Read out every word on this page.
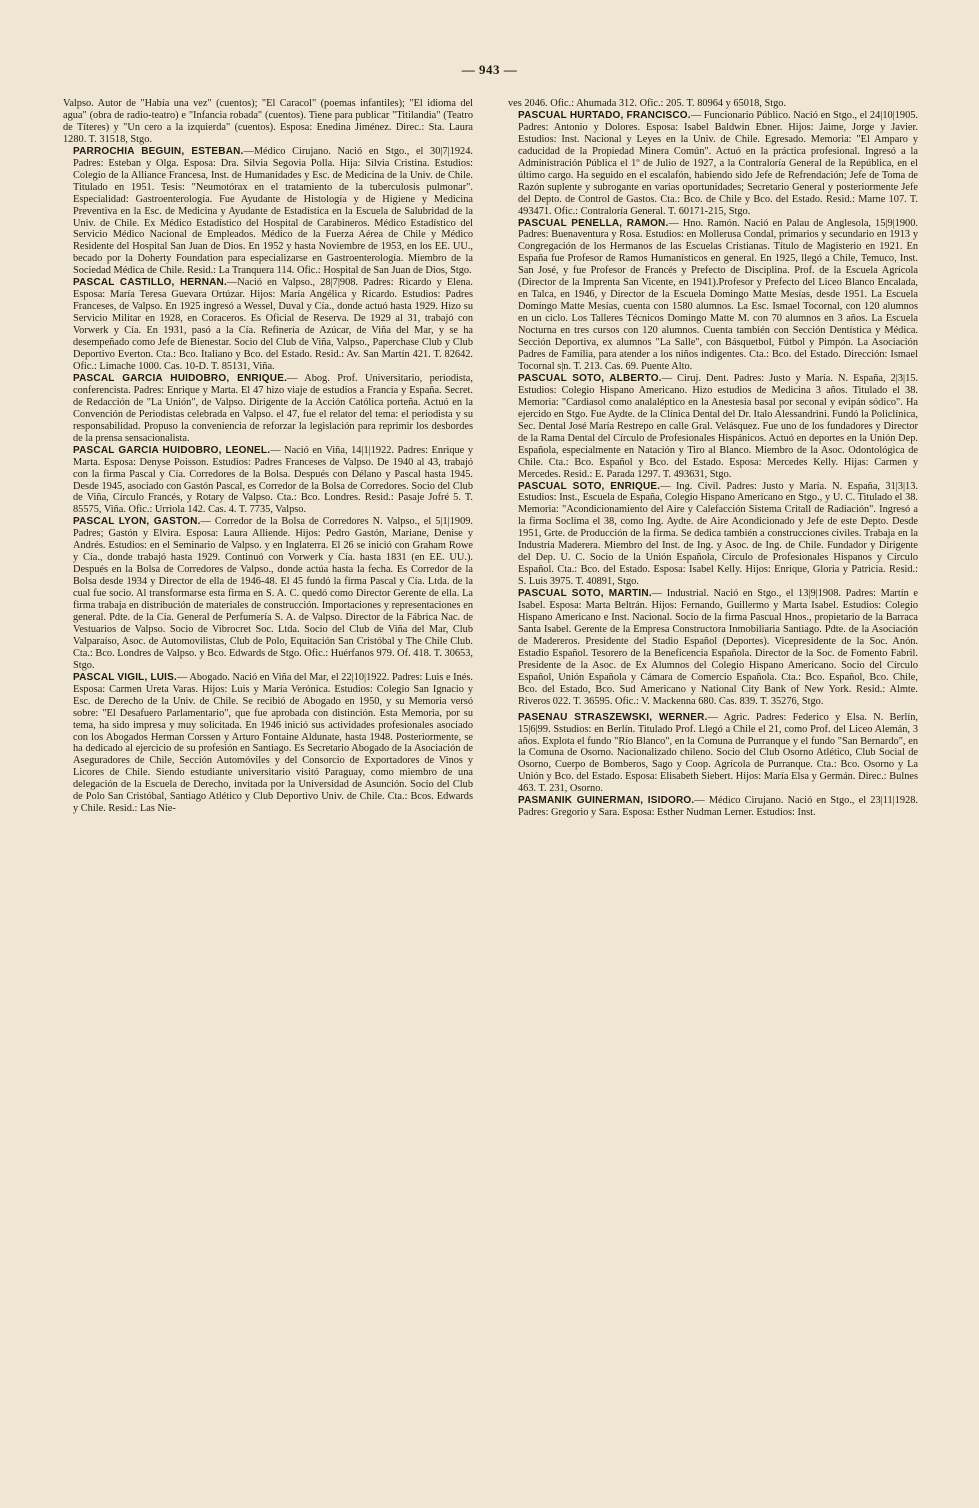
— 943 —

Valpso. Autor de "Había una vez" (cuentos); "El Caracol" (poemas infantiles); "El idioma del agua" (obra de radio-teatro) e "Infancia robada" (cuentos). Tiene para publicar "Titilandia" (Teatro de Títeres) y "Un cero a la izquierda" (cuentos). Esposa: Enedina Jiménez. Direc.: Sta. Laura 1280. T. 31518, Stgo.

PARROCHIA BEGUIN, ESTEBAN.—Médico Cirujano. Nació en Stgo., el 30|7|1924. Padres: Esteban y Olga. Esposa: Dra. Silvia Segovia Polla. Hija: Silvia Cristina. Estudios: Colegio de la Alliance Francesa, Inst. de Humanidades y Esc. de Medicina de la Univ. de Chile. Titulado en 1951. Tesis: "Neumotórax en el tratamiento de la tuberculosis pulmonar". Especialidad: Gastroenterología. Fue Ayudante de Histología y de Higiene y Medicina Preventiva en la Esc. de Medicina y Ayudante de Estadística en la Escuela de Salubridad de la Univ. de Chile. Ex Médico Estadístico del Hospital de Carabineros. Médico Estadístico del Servicio Médico Nacional de Empleados. Médico de la Fuerza Aérea de Chile y Médico Residente del Hospital San Juan de Dios. En 1952 y hasta Noviembre de 1953, en los EE. UU., becado por la Doherty Foundation para especializarse en Gastroenterología. Miembro de la Sociedad Médica de Chile. Resid.: La Tranquera 114. Ofic.: Hospital de San Juan de Dios, Stgo.

PASCAL CASTILLO, HERNAN.—Nació en Valpso., 28|7|908. Padres: Ricardo y Elena. Esposa: María Teresa Guevara Ortúzar. Hijos: María Angélica y Ricardo. Estudios: Padres Franceses, de Valpso. En 1925 ingresó a Wessel, Duval y Cía., donde actuó hasta 1929. Hizo su Servicio Militar en 1928, en Coraceros. Es Oficial de Reserva. De 1929 al 31, trabajó con Vorwerk y Cía. En 1931, pasó a la Cía. Refinería de Azúcar, de Viña del Mar, y se ha desempeñado como Jefe de Bienestar. Socio del Club de Viña, Valpso., Paperchase Club y Club Deportivo Everton. Cta.: Bco. Italiano y Bco. del Estado. Resid.: Av. San Martín 421. T. 82642. Ofic.: Limache 1000. Cas. 10-D. T. 85131, Viña.

PASCAL GARCIA HUIDOBRO, ENRIQUE.— Abog. Prof. Universitario, periodista, conferencista. Padres: Enrique y Marta. El 47 hizo viaje de estudios a Francia y España. Secret. de Redacción de "La Unión", de Valpso. Dirigente de la Acción Católica porteña. Actuó en la Convención de Periodistas celebrada en Valpso. el 47, fue el relator del tema: el periodista y su responsabilidad. Propuso la conveniencia de reforzar la legislación para reprimir los desbordes de la prensa sensacionalista.

PASCAL GARCIA HUIDOBRO, LEONEL.— Nació en Viña, 14|1|1922. Padres: Enrique y Marta. Esposa: Denyse Poisson. Estudios: Padres Franceses de Valpso. De 1940 al 43, trabajó con la firma Pascal y Cía. Corredores de la Bolsa. Después con Délano y Pascal hasta 1945. Desde 1945, asociado con Gastón Pascal, es Corredor de la Bolsa de Corredores. Socio del Club de Viña, Círculo Francés, y Rotary de Valpso. Cta.: Bco. Londres. Resid.: Pasaje Jofré 5. T. 85575, Viña. Ofic.: Urriola 142. Cas. 4. T. 7735, Valpso.

PASCAL LYON, GASTON.— Corredor de la Bolsa de Corredores N. Valpso., el 5|1|1909. Padres; Gastón y Elvira. Esposa: Laura Alliende. Hijos: Pedro Gastón, Mariane, Denise y Andrés. Estudios: en el Seminario de Valpso. y en Inglaterra. El 26 se inició con Graham Rowe y Cía., donde trabajó hasta 1929. Continuó con Vorwerk y Cía. hasta 1831 (en EE. UU.). Después en la Bolsa de Corredores de Valpso., donde actúa hasta la fecha. Es Corredor de la Bolsa desde 1934 y Director de ella de 1946-48. El 45 fundó la firma Pascal y Cía. Ltda. de la cual fue socio. Al transformarse esta firma en S. A. C. quedó como Director Gerente de ella. La firma trabaja en distribución de materiales de construcción. Importaciones y representaciones en general. Pdte. de la Cía. General de Perfumería S. A. de Valpso. Director de la Fábrica Nac. de Vestuarios de Valpso. Socio de Vibrocret Soc. Ltda. Socio del Club de Viña del Mar, Club Valparaíso, Asoc. de Automovilistas, Club de Polo, Equitación San Cristóbal y The Chile Club. Cta.: Bco. Londres de Valpso. y Bco. Edwards de Stgo. Ofic.: Huérfanos 979. Of. 418. T. 30653, Stgo.

PASCAL VIGIL, LUIS.— Abogado. Nació en Viña del Mar, el 22|10|1922. Padres: Luis e Inés. Esposa: Carmen Ureta Varas. Hijos: Luis y María Verónica. Estudios: Colegio San Ignacio y Esc. de Derecho de la Univ. de Chile. Se recibió de Abogado en 1950, y su Memoria versó sobre: "El Desafuero Parlamentario", que fue aprobada con distinción. Esta Memoria, por su tema, ha sido impresa y muy solicitada. En 1946 inició sus actividades profesionales asociado con los Abogados Herman Corssen y Arturo Fontaine Aldunate, hasta 1948. Posteriormente, se ha dedicado al ejercicio de su profesión en Santiago. Es Secretario Abogado de la Asociación de Aseguradores de Chile, Sección Automóviles y del Consorcio de Exportadores de Vinos y Licores de Chile. Siendo estudiante universitario visitó Paraguay, como miembro de una delegación de la Escuela de Derecho, invitada por la Universidad de Asunción. Socio del Club de Polo San Cristóbal, Santiago Atlético y Club Deportivo Univ. de Chile. Cta.: Bcos. Edwards y Chile. Resid.: Las Nie-

ves 2046. Ofic.: Ahumada 312. Ofic.: 205. T. 80964 y 65018, Stgo.

PASCUAL HURTADO, FRANCISCO.— Funcionario Público. Nació en Stgo., el 24|10|1905. Padres: Antonio y Dolores. Esposa: Isabel Baldwin Ebner. Hijos: Jaime, Jorge y Javier. Estudios: Inst. Nacional y Leyes en la Univ. de Chile. Egresado. Memoria: "El Amparo y caducidad de la Propiedad Minera Común". Actuó en la práctica profesional. Ingresó a la Administración Pública el 1º de Julio de 1927, a la Contraloría General de la República, en el último cargo. Ha seguido en el escalafón, habiendo sido Jefe de Refrendación; Jefe de Toma de Razón suplente y subrogante en varias oportunidades; Secretario General y posteriormente Jefe del Depto. de Control de Gastos. Cta.: Bco. de Chile y Bco. del Estado. Resid.: Marne 107. T. 493471. Ofic.: Contraloría General. T. 60171-215, Stgo.

PASCUAL PENELLA, RAMON.— Hno. Ramón. Nació en Palau de Anglesola, 15|9|1900. Padres: Buenaventura y Rosa. Estudios: en Mollerusa Condal, primarios y secundario en 1913 y Congregación de los Hermanos de las Escuelas Cristianas. Título de Magisterio en 1921. En España fue Profesor de Ramos Humanísticos en general. En 1925, llegó a Chile, Temuco, Inst. San José, y fue Profesor de Francés y Prefecto de Disciplina. Prof. de la Escuela Agrícola (Director de la Imprenta San Vicente, en 1941).Profesor y Prefecto del Liceo Blanco Encalada, en Talca, en 1946, y Director de la Escuela Domingo Matte Mesías, desde 1951. La Escuela Domingo Matte Mesías, cuenta con 1580 alumnos. La Esc. Ismael Tocornal, con 120 alumnos en un ciclo. Los Talleres Técnicos Domingo Matte M. con 70 alumnos en 3 años. La Escuela Nocturna en tres cursos con 120 alumnos. Cuenta también con Sección Dentística y Médica. Sección Deportiva, ex alumnos "La Salle", con Básquetbol, Fútbol y Pimpón. La Asociación Padres de Familia, para atender a los niños indigentes. Cta.: Bco. del Estado. Dirección: Ismael Tocornal s|n. T. 213. Cas. 69. Puente Alto.

PASCUAL SOTO, ALBERTO.— Ciruj. Dent. Padres: Justo y María. N. España, 2|3|15. Estudios: Colegio Hispano Americano. Hizo estudios de Medicina 3 años. Titulado el 38. Memoria: "Cardiasol como analaléptico en la Anestesia basal por seconal y evipán sódico". Ha ejercido en Stgo. Fue Aydte. de la Clínica Dental del Dr. Italo Alessandrini. Fundó la Policlínica, Sec. Dental José María Restrepo en calle Gral. Velásquez. Fue uno de los fundadores y Director de la Rama Dental del Círculo de Profesionales Hispánicos. Actuó en deportes en la Unión Dep. Española, especialmente en Natación y Tiro al Blanco. Miembro de la Asoc. Odontológica de Chile. Cta.: Bco. Español y Bco. del Estado. Esposa: Mercedes Kelly. Hijas: Carmen y Mercedes. Resid.: E. Parada 1297. T. 493631, Stgo.

PASCUAL SOTO, ENRIQUE.— Ing. Civil. Padres: Justo y María. N. España, 31|3|13. Estudios: Inst., Escuela de España, Colegio Hispano Americano en Stgo., y U. C. Titulado el 38. Memoria: "Acondicionamiento del Aire y Calefacción Sistema Critall de Radiación". Ingresó a la firma Soclima el 38, como Ing. Aydte. de Aire Acondicionado y Jefe de este Depto. Desde 1951, Grte. de Producción de la firma. Se dedica también a construcciones civiles. Trabaja en la Industria Maderera. Miembro del Inst. de Ing. y Asoc. de Ing. de Chile. Fundador y Dirigente del Dep. U. C. Socio de la Unión Española, Círculo de Profesionales Hispanos y Círculo Español. Cta.: Bco. del Estado. Esposa: Isabel Kelly. Hijos: Enrique, Gloria y Patricia. Resid.: S. Luis 3975. T. 40891, Stgo.

PASCUAL SOTO, MARTIN.— Industrial. Nació en Stgo., el 13|9|1908. Padres: Martín e Isabel. Esposa: Marta Beltrán. Hijos: Fernando, Guillermo y Marta Isabel. Estudios: Colegio Hispano Americano e Inst. Nacional. Socio de la firma Pascual Hnos., propietario de la Barraca Santa Isabel. Gerente de la Empresa Constructora Inmobiliaria Santiago. Pdte. de la Asociación de Madereros. Presidente del Stadio Español (Deportes). Vicepresidente de la Soc. Anón. Estadio Español. Tesorero de la Beneficencia Española. Director de la Soc. de Fomento Fabril. Presidente de la Asoc. de Ex Alumnos del Colegio Hispano Americano. Socio del Círculo Español, Unión Española y Cámara de Comercio Española. Cta.: Bco. Español, Bco. Chile, Bco. del Estado, Bco. Sud Americano y National City Bank of New York. Resid.: Almte. Riveros 022. T. 36595. Ofic.: V. Mackenna 680. Cas. 839. T. 35276, Stgo.

PASENAU STRASZEWSKI, WERNER.— Agric. Padres: Federico y Elsa. N. Berlín, 15|6|99. Sstudios: en Berlín. Titulado Prof. Llegó a Chile el 21, como Prof. del Liceo Alemán, 3 años. Explota el fundo "Río Blanco", en la Comuna de Purranque y el fundo "San Bernardo", en la Comuna de Osorno. Nacionalizado chileno. Socio del Club Osorno Atlético, Club Social de Osorno, Cuerpo de Bomberos, Sago y Coop. Agrícola de Purranque. Cta.: Bco. Osorno y La Unión y Bco. del Estado. Esposa: Elisabeth Siebert. Hijos: María Elsa y Germán. Direc.: Bulnes 463. T. 231, Osorno.

PASMANIK GUINERMAN, ISIDORO.— Médico Cirujano. Nació en Stgo., el 23|11|1928. Padres: Gregorio y Sara. Esposa: Esther Nudman Lerner. Estudios: Inst.
